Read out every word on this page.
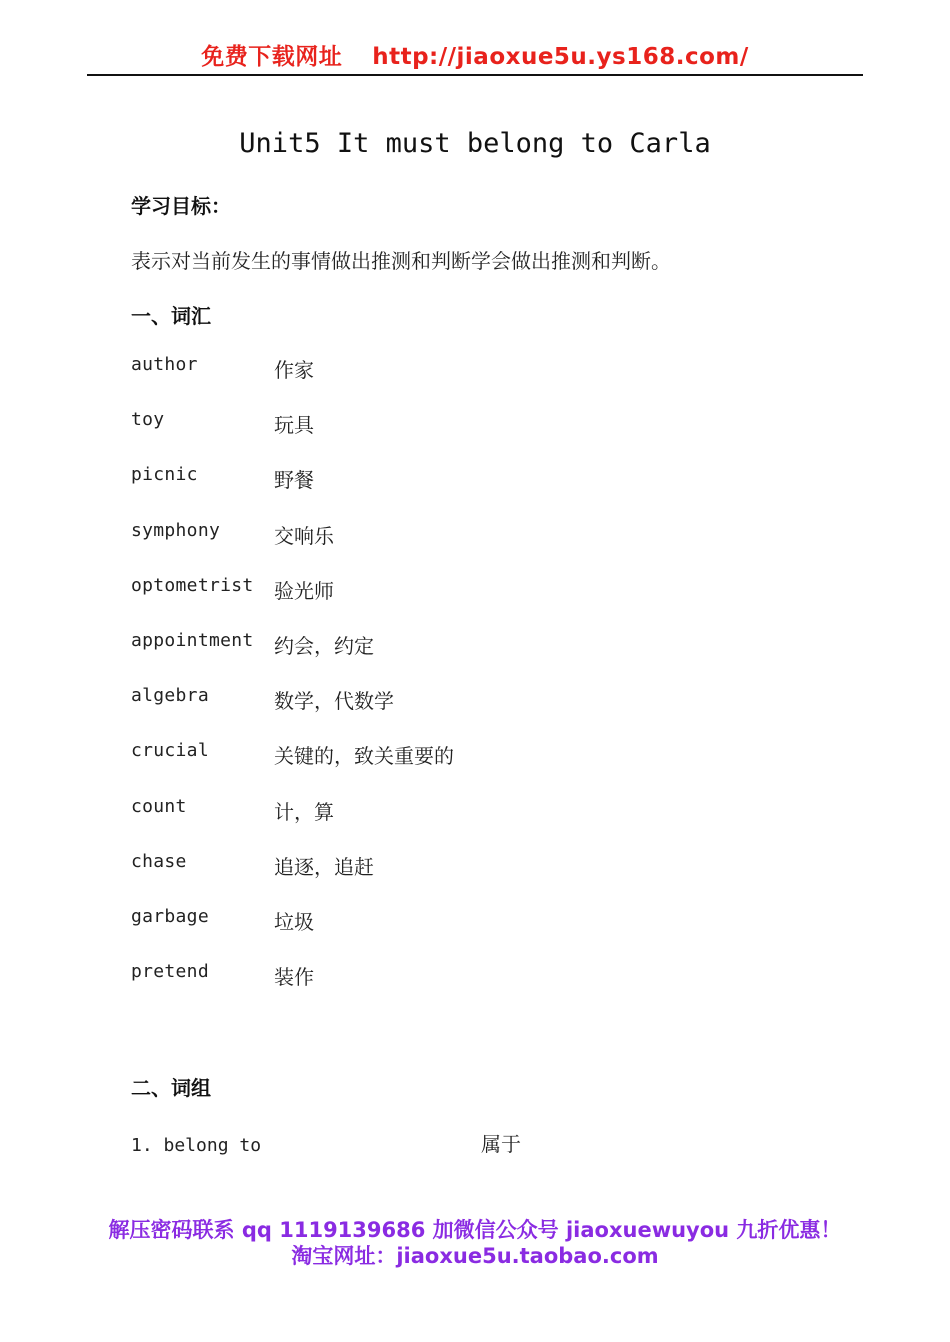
免费下载网址 http://jiaoxue5u.ys168.com/
Unit5 It must belong to Carla
学习目标：
表示对当前发生的事情做出推测和判断学会做出推测和判断。
一、词汇
author	作家
toy	玩具
picnic	野餐
symphony	交响乐
optometrist	验光师
appointment	约会，约定
algebra	数学，代数学
crucial	关键的，致关重要的
count	计，算
chase	追逐，追赶
garbage	垃圾
pretend	装作
二、词组
1. belong to	属于
解压密码联系 qq 1119139686 加微信公众号 jiaoxuewuyou 九折优惠！
淘宝网址：jiaoxue5u.taobao.com
